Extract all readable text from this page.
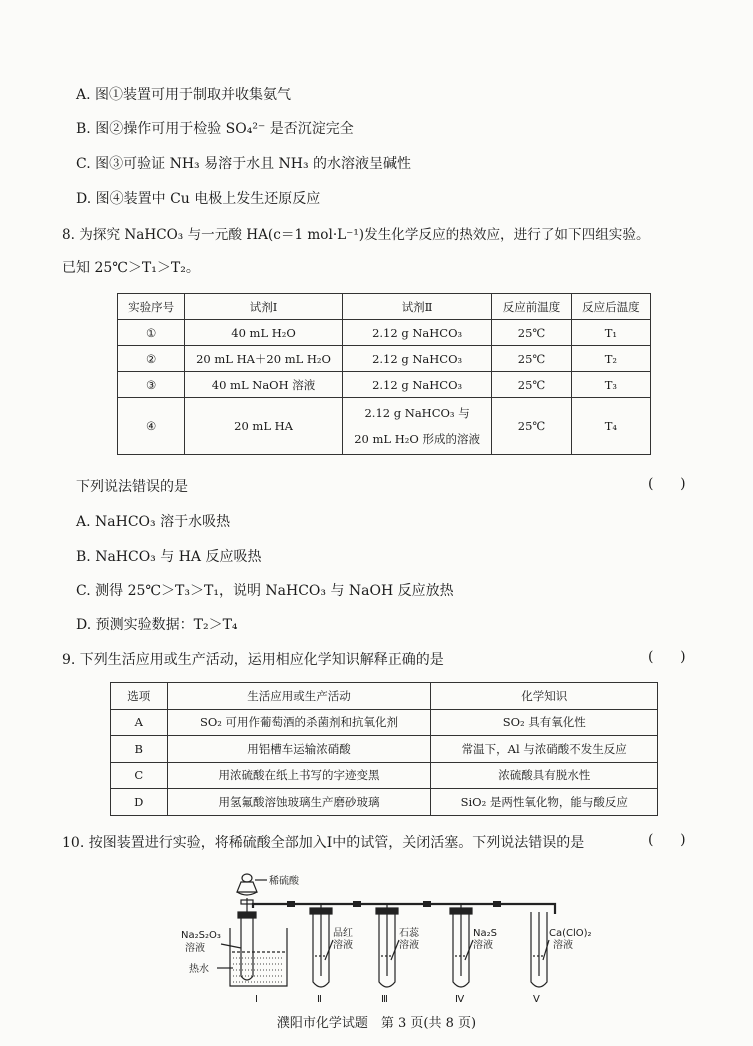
A. 图①装置可用于制取并收集氨气
B. 图②操作可用于检验 SO₄²⁻ 是否沉淀完全
C. 图③可验证 NH₃ 易溶于水且 NH₃ 的水溶液呈碱性
D. 图④装置中 Cu 电极上发生还原反应
8. 为探究 NaHCO₃ 与一元酸 HA(c＝1 mol·L⁻¹)发生化学反应的热效应，进行了如下四组实验。
已知 25℃＞T₁＞T₂。
实验序号	试剂Ⅰ	试剂Ⅱ	反应前温度	反应后温度
①	40 mL H₂O	2.12 g NaHCO₃	25℃	T₁
②	20 mL HA＋20 mL H₂O	2.12 g NaHCO₃	25℃	T₂
③	40 mL NaOH 溶液	2.12 g NaHCO₃	25℃	T₃
④	20 mL HA	2.12 g NaHCO₃ 与
20 mL H₂O 形成的溶液	25℃	T₄
下列说法错误的是	(      )
A. NaHCO₃ 溶于水吸热
B. NaHCO₃ 与 HA 反应吸热
C. 测得 25℃＞T₃＞T₁，说明 NaHCO₃ 与 NaOH 反应放热
D. 预测实验数据：T₂＞T₄
9. 下列生活应用或生产活动，运用相应化学知识解释正确的是	(      )
选项	生活应用或生产活动	化学知识
A	SO₂ 可用作葡萄酒的杀菌剂和抗氧化剂	SO₂ 具有氧化性
B	用铝槽车运输浓硝酸	常温下，Al 与浓硝酸不发生反应
C	用浓硫酸在纸上书写的字迹变黑	浓硫酸具有脱水性
D	用氢氟酸溶蚀玻璃生产磨砂玻璃	SiO₂ 是两性氧化物，能与酸反应
10. 按图装置进行实验，将稀硫酸全部加入Ⅰ中的试管，关闭活塞。下列说法错误的是	(      )
稀硫酸
Na₂S₂O₃
溶液
热水
品红
溶液
石蕊
溶液
Na₂S
溶液
Ca(ClO)₂
溶液
Ⅰ	Ⅱ	Ⅲ	Ⅳ	Ⅴ
濮阳市化学试题　第 3 页(共 8 页)
